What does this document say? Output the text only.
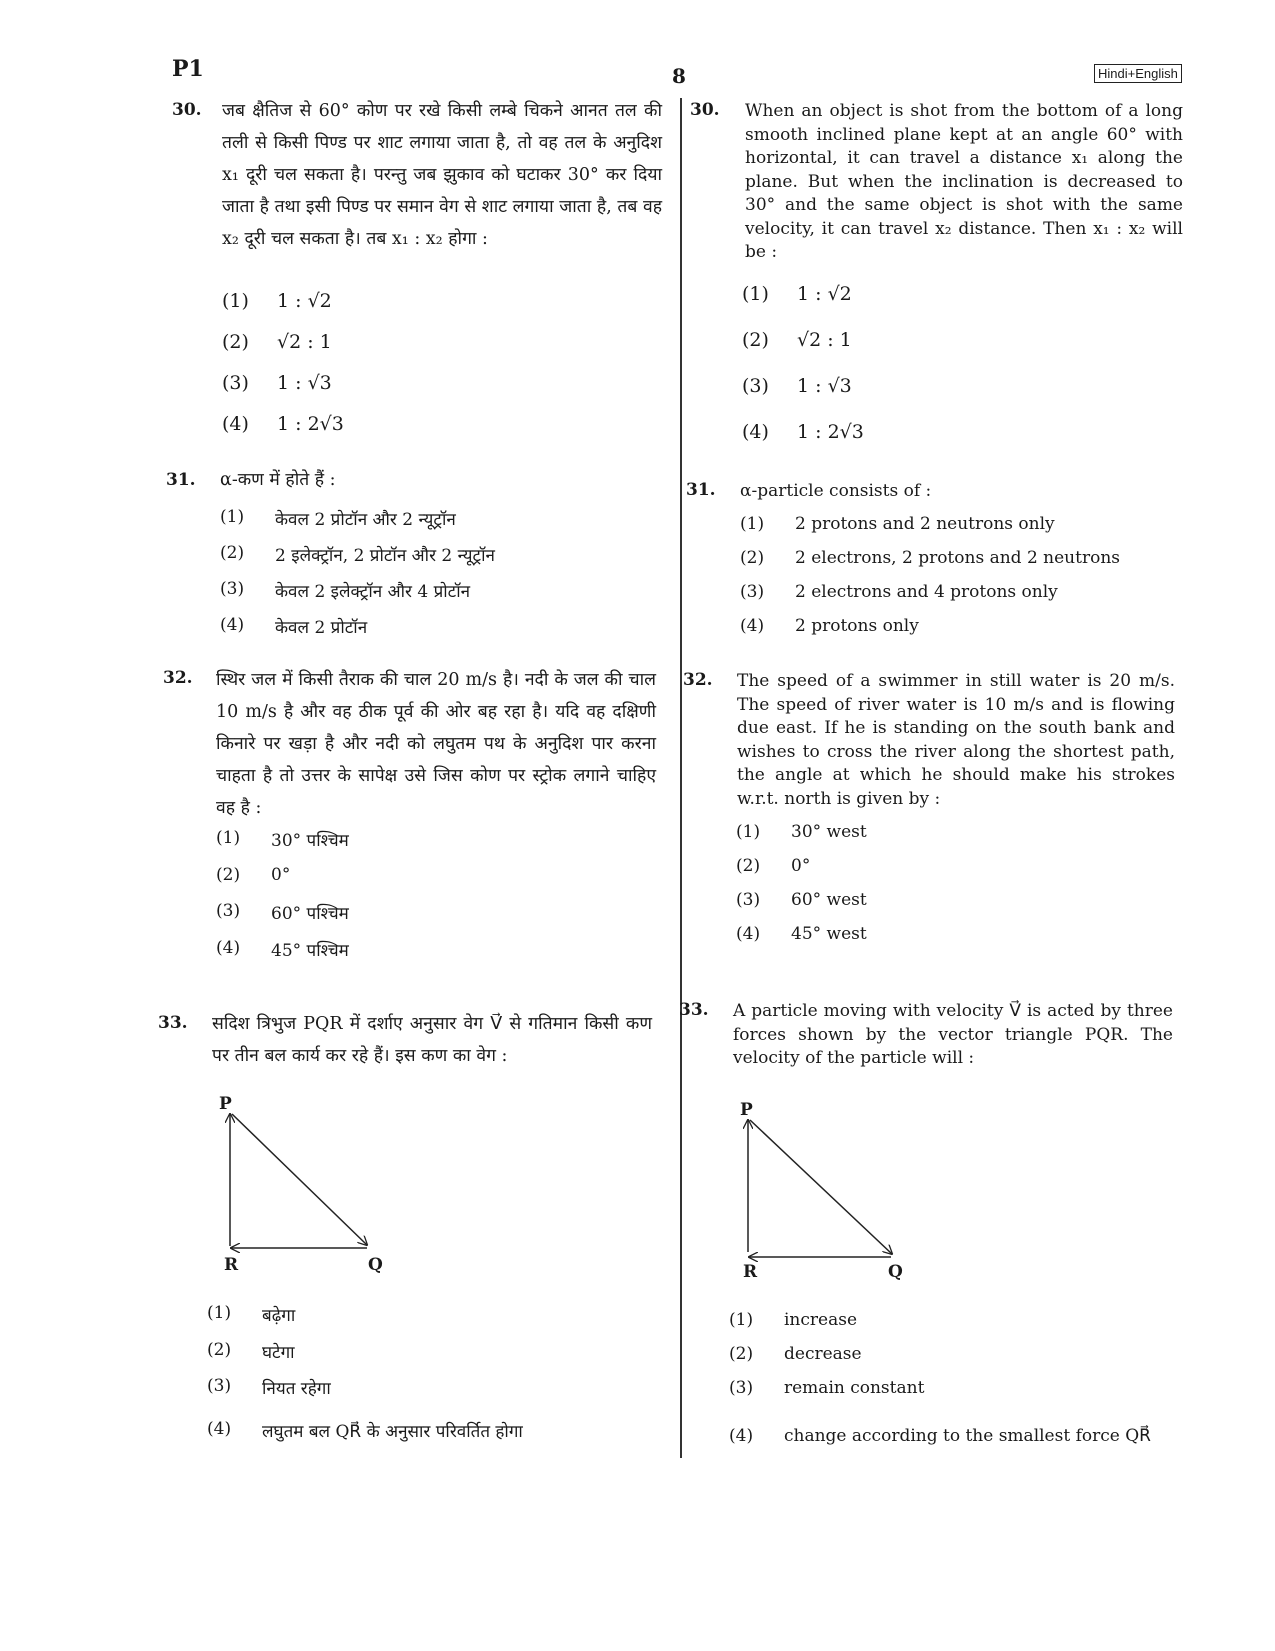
P1	8	Hindi+English
30. जब क्षैतिज से 60° कोण पर रखे किसी लम्बे चिकने आनत तल की तली से किसी पिण्ड पर शाट लगाया जाता है, तो वह तल के अनुदिश x₁ दूरी चल सकता है। परन्तु जब झुकाव को घटाकर 30° कर दिया जाता है तथा इसी पिण्ड पर समान वेग से शाट लगाया जाता है, तब वह x₂ दूरी चल सकता है। तब x₁ : x₂ होगा :
(1)	1 : √2
(2)	√2 : 1
(3)	1 : √3
(4)	1 : 2√3
31. α-कण में होते हैं :
(1)	केवल 2 प्रोटॉन और 2 न्यूट्रॉन
(2)	2 इलेक्ट्रॉन, 2 प्रोटॉन और 2 न्यूट्रॉन
(3)	केवल 2 इलेक्ट्रॉन और 4 प्रोटॉन
(4)	केवल 2 प्रोटॉन
32. स्थिर जल में किसी तैराक की चाल 20 m/s है। नदी के जल की चाल 10 m/s है और वह ठीक पूर्व की ओर बह रहा है। यदि वह दक्षिणी किनारे पर खड़ा है और नदी को लघुतम पथ के अनुदिश पार करना चाहता है तो उत्तर के सापेक्ष उसे जिस कोण पर स्ट्रोक लगाने चाहिए वह है :
(1)	30° पश्चिम
(2)	0°
(3)	60° पश्चिम
(4)	45° पश्चिम
33. सदिश त्रिभुज PQR में दर्शाए अनुसार वेग V⃗ से गतिमान किसी कण पर तीन बल कार्य कर रहे हैं। इस कण का वेग :
P
R	Q
(1)	बढ़ेगा
(2)	घटेगा
(3)	नियत रहेगा
(4)	लघुतम बल QR⃗ के अनुसार परिवर्तित होगा
30. When an object is shot from the bottom of a long smooth inclined plane kept at an angle 60° with horizontal, it can travel a distance x₁ along the plane. But when the inclination is decreased to 30° and the same object is shot with the same velocity, it can travel x₂ distance. Then x₁ : x₂ will be :
(1)	1 : √2
(2)	√2 : 1
(3)	1 : √3
(4)	1 : 2√3
31. α-particle consists of :
(1)	2 protons and 2 neutrons only
(2)	2 electrons, 2 protons and 2 neutrons
(3)	2 electrons and 4 protons only
(4)	2 protons only
32. The speed of a swimmer in still water is 20 m/s. The speed of river water is 10 m/s and is flowing due east. If he is standing on the south bank and wishes to cross the river along the shortest path, the angle at which he should make his strokes w.r.t. north is given by :
(1)	30° west
(2)	0°
(3)	60° west
(4)	45° west
33. A particle moving with velocity V⃗ is acted by three forces shown by the vector triangle PQR. The velocity of the particle will :
P
R	Q
(1)	increase
(2)	decrease
(3)	remain constant
(4)	change according to the smallest force QR⃗
